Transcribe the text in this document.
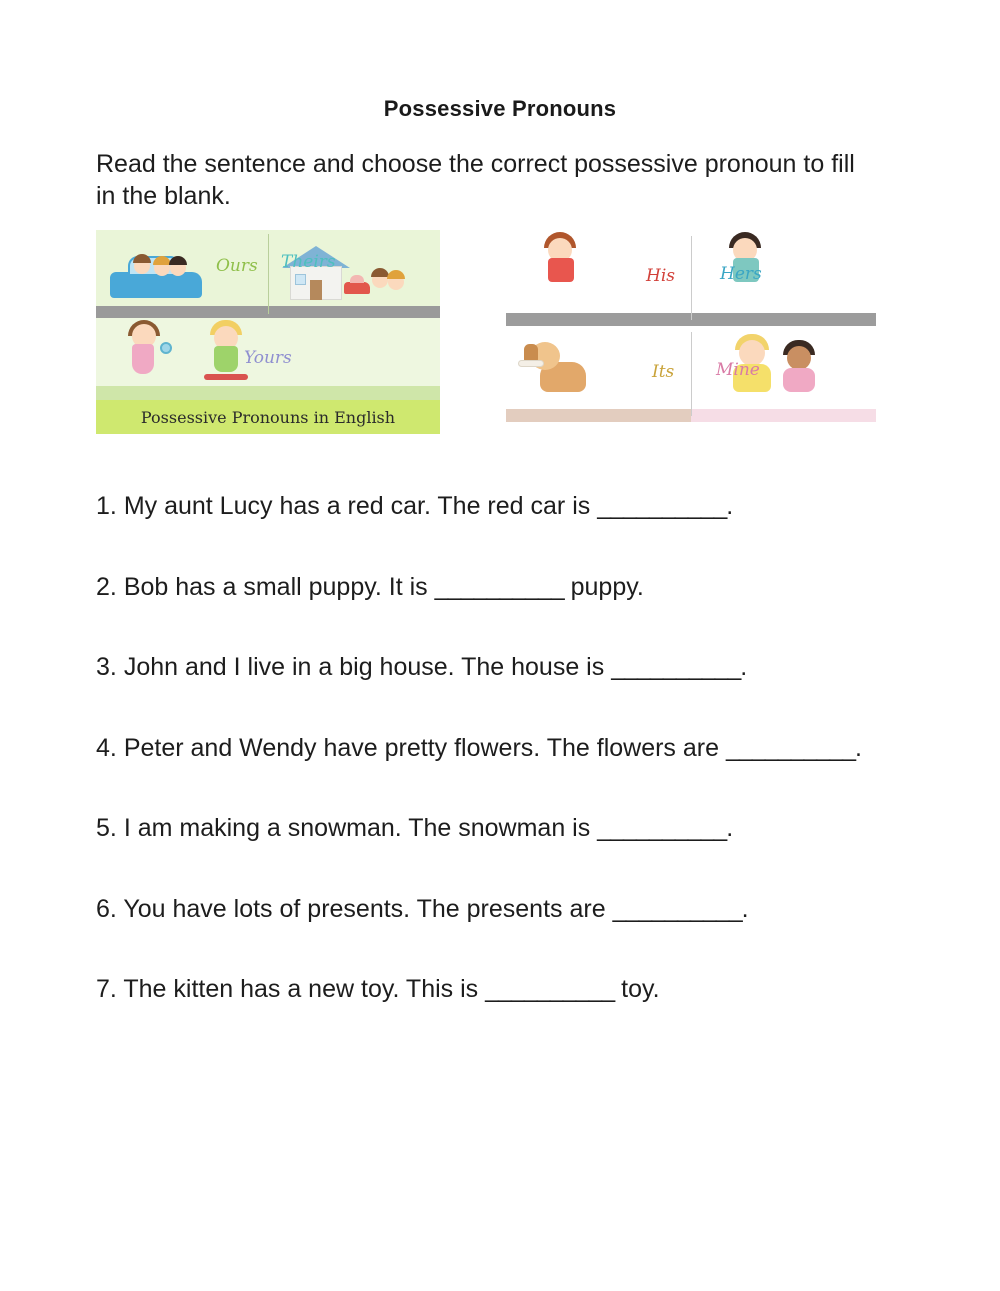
Possessive Pronouns

Read the sentence and choose the correct possessive pronoun to fill in the blank.

Ours Theirs
Yours
Possessive Pronouns in English
His	Hers
Its Mine
1. My aunt Lucy has a red car. The red car is __________.
2. Bob has a small puppy. It is __________ puppy.
3. John and I live in a big house. The house is __________.
4. Peter and Wendy have pretty flowers. The flowers are __________.
5. I am making a snowman. The snowman is __________.
6. You have lots of presents. The presents are __________.
7. The kitten has a new toy. This is __________ toy.
